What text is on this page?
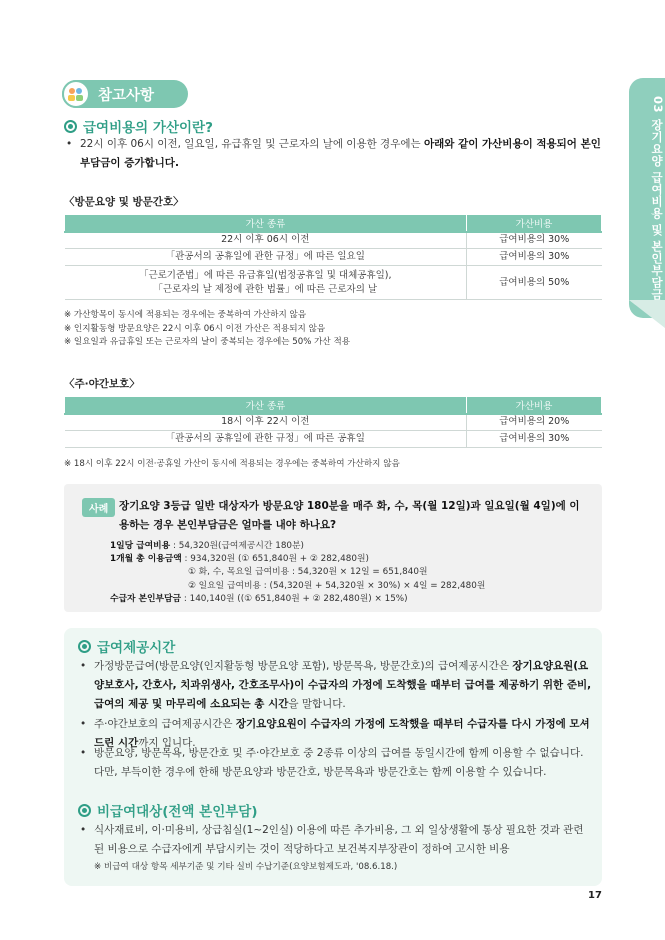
03
장기요양 급여비용 및 본인부담금
참고사항
급여비용의 가산이란?
• 22시 이후 06시 이전, 일요일, 유급휴일 및 근로자의 날에 이용한 경우에는 아래와 같이 가산비용이 적용되어 본인부담금이 증가합니다.
〈방문요양 및 방문간호〉
가산 종류	가산비용
22시 이후 06시 이전	급여비용의 30%
「관공서의 공휴일에 관한 규정」에 따른 일요일	급여비용의 30%

「근로기준법」에 따른 유급휴일(법정공휴일 및 대체공휴일),
「근로자의 날 제정에 관한 법률」에 따른 근로자의 날	급여비용의 50%
※ 가산항목이 동시에 적용되는 경우에는 중복하여 가산하지 않음
※ 인지활동형 방문요양은 22시 이후 06시 이전 가산은 적용되지 않음
※ 일요일과 유급휴일 또는 근로자의 날이 중복되는 경우에는 50% 가산 적용
〈주·야간보호〉
가산 종류	가산비용
18시 이후 22시 이전	급여비용의 20%
「관공서의 공휴일에 관한 규정」에 따른 공휴일	급여비용의 30%
※ 18시 이후 22시 이전·공휴일 가산이 동시에 적용되는 경우에는 중복하여 가산하지 않음
사례	장기요양 3등급 일반 대상자가 방문요양 180분을 매주 화, 수, 목(월 12일)과 일요일(월 4일)에 이용하는 경우 본인부담금은 얼마를 내야 하나요?
1일당 급여비용 : 54,320원(급여제공시간 180분)
1개월 총 이용금액 : 934,320원 (① 651,840원 + ② 282,480원)
① 화, 수, 목요일 급여비용 : 54,320원 × 12일 = 651,840원
② 일요일 급여비용 : (54,320원 + 54,320원 × 30%) × 4일 = 282,480원
수급자 본인부담금 : 140,140원 ((① 651,840원 + ② 282,480원) × 15%)
급여제공시간
• 가정방문급여(방문요양(인지활동형 방문요양 포함), 방문목욕, 방문간호)의 급여제공시간은 장기요양요원(요양보호사, 간호사, 치과위생사, 간호조무사)이 수급자의 가정에 도착했을 때부터 급여를 제공하기 위한 준비, 급여의 제공 및 마무리에 소요되는 총 시간을 말합니다.
• 주·야간보호의 급여제공시간은 장기요양요원이 수급자의 가정에 도착했을 때부터 수급자를 다시 가정에 모셔드린 시간까지 입니다.
• 방문요양, 방문목욕, 방문간호 및 주·야간보호 중 2종류 이상의 급여를 동일시간에 함께 이용할 수 없습니다. 다만, 부득이한 경우에 한해 방문요양과 방문간호, 방문목욕과 방문간호는 함께 이용할 수 있습니다.
비급여대상(전액 본인부담)
• 식사재료비, 이·미용비, 상급침실(1~2인실) 이용에 따른 추가비용, 그 외 일상생활에 통상 필요한 것과 관련된 비용으로 수급자에게 부담시키는 것이 적당하다고 보건복지부장관이 정하여 고시한 비용
※ 비급여 대상 항목 세부기준 및 기타 실비 수납기준(요양보험제도과, '08.6.18.)
17
